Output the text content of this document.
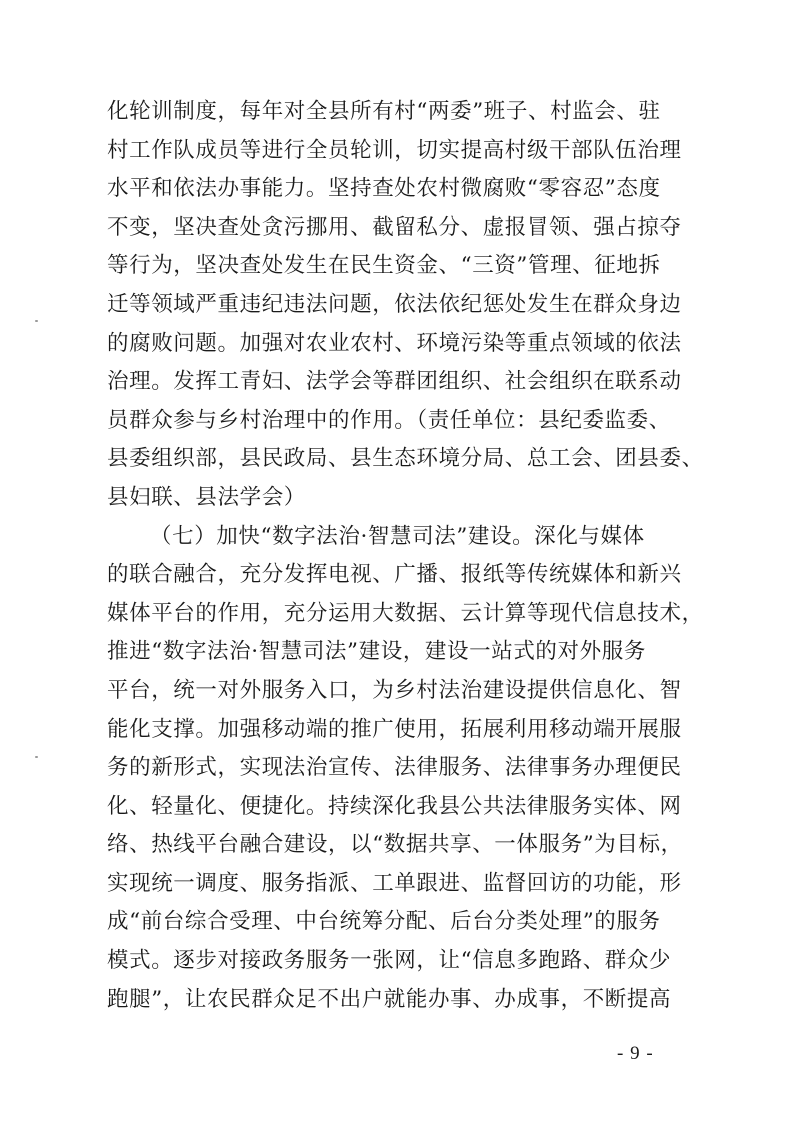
化轮训制度，每年对全县所有村“两委”班子、村监会、驻
村工作队成员等进行全员轮训，切实提高村级干部队伍治理
水平和依法办事能力。坚持查处农村微腐败“零容忍”态度
不变，坚决查处贪污挪用、截留私分、虚报冒领、强占掠夺
等行为，坚决查处发生在民生资金、“三资”管理、征地拆
迁等领域严重违纪违法问题，依法依纪惩处发生在群众身边
的腐败问题。加强对农业农村、环境污染等重点领域的依法
治理。发挥工青妇、法学会等群团组织、社会组织在联系动
员群众参与乡村治理中的作用。（责任单位：县纪委监委、
县委组织部，县民政局、县生态环境分局、总工会、团县委、
县妇联、县法学会）
（七）加快“数字法治·智慧司法”建设。深化与媒体
的联合融合，充分发挥电视、广播、报纸等传统媒体和新兴
媒体平台的作用，充分运用大数据、云计算等现代信息技术，
推进“数字法治·智慧司法”建设，建设一站式的对外服务
平台，统一对外服务入口，为乡村法治建设提供信息化、智
能化支撑。加强移动端的推广使用，拓展利用移动端开展服
务的新形式，实现法治宣传、法律服务、法律事务办理便民
化、轻量化、便捷化。持续深化我县公共法律服务实体、网
络、热线平台融合建设，以“数据共享、一体服务”为目标，
实现统一调度、服务指派、工单跟进、监督回访的功能，形
成“前台综合受理、中台统筹分配、后台分类处理”的服务
模式。逐步对接政务服务一张网，让“信息多跑路、群众少
跑腿”，让农民群众足不出户就能办事、办成事，不断提高
- 9 -
